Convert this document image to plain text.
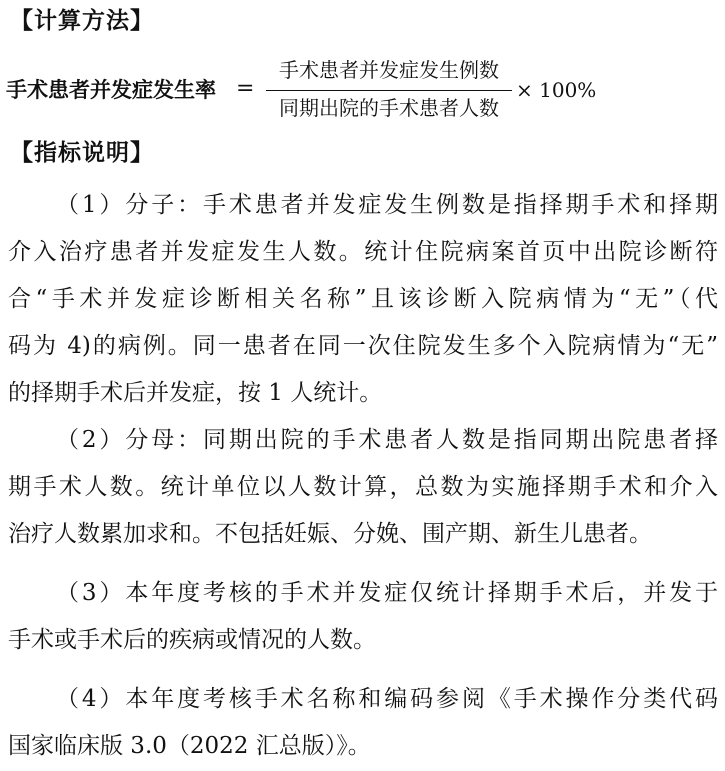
【计算方法】
手术患者并发症发生率 =
手术患者并发症发生例数
同期出院的手术患者人数
× 100%
【指标说明】
（1）分子：手术患者并发症发生例数是指择期手术和择期
介入治疗患者并发症发生人数。统计住院病案首页中出院诊断符
合“手术并发症诊断相关名称”且该诊断入院病情为“无”（代
码为 4)的病例。同一患者在同一次住院发生多个入院病情为“无”
的择期手术后并发症，按 1 人统计。
（2）分母：同期出院的手术患者人数是指同期出院患者择
期手术人数。统计单位以人数计算，总数为实施择期手术和介入
治疗人数累加求和。不包括妊娠、分娩、围产期、新生儿患者。
（3）本年度考核的手术并发症仅统计择期手术后，并发于
手术或手术后的疾病或情况的人数。
（4）本年度考核手术名称和编码参阅《手术操作分类代码
国家临床版 3.0（2022 汇总版）》。
